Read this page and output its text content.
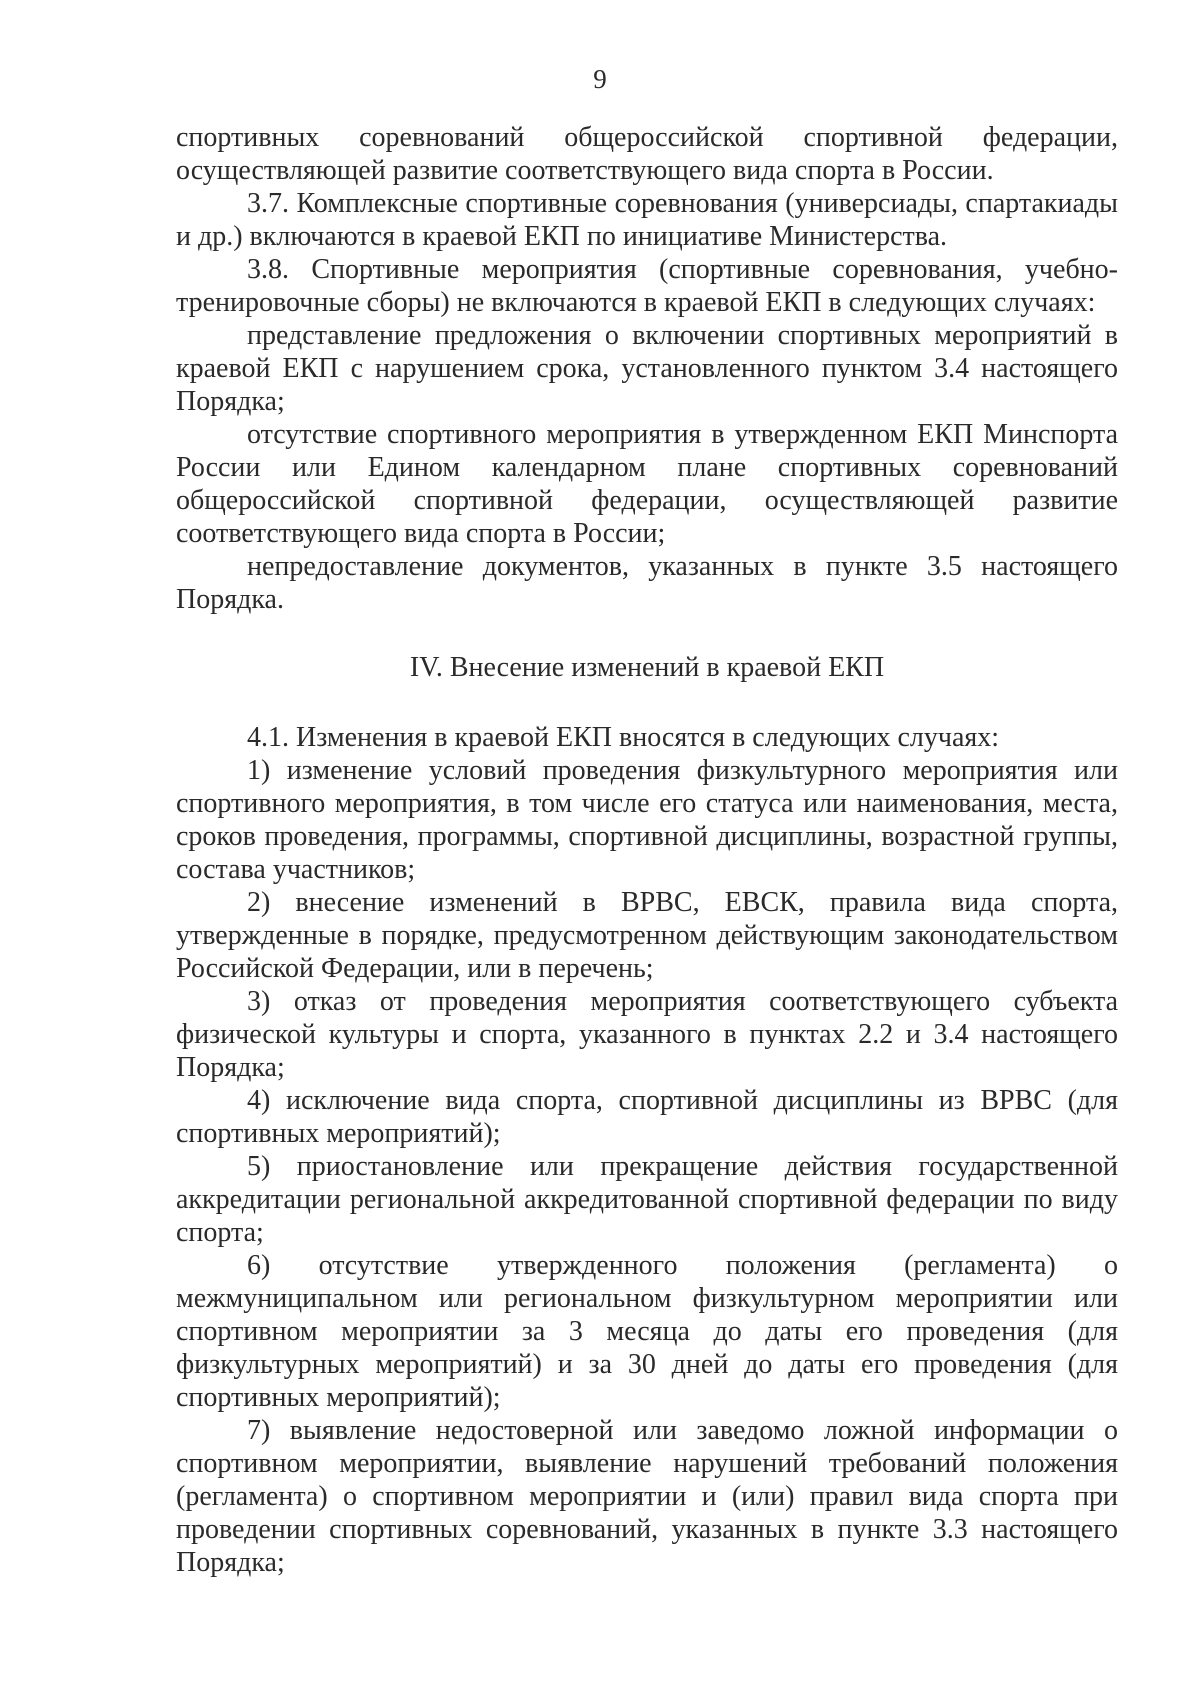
9

спортивных соревнований общероссийской спортивной федерации, осуществляющей развитие соответствующего вида спорта в России.

3.7. Комплексные спортивные соревнования (универсиады, спартакиады и др.) включаются в краевой ЕКП по инициативе Министерства.

3.8. Спортивные мероприятия (спортивные соревнования, учебно-тренировочные сборы) не включаются в краевой ЕКП в следующих случаях:

представление предложения о включении спортивных мероприятий в краевой ЕКП с нарушением срока, установленного пунктом 3.4 настоящего Порядка;

отсутствие спортивного мероприятия в утвержденном ЕКП Минспорта России или Едином календарном плане спортивных соревнований общероссийской спортивной федерации, осуществляющей развитие соответствующего вида спорта в России;

непредоставление документов, указанных в пункте 3.5 настоящего Порядка.

IV. Внесение изменений в краевой ЕКП

4.1. Изменения в краевой ЕКП вносятся в следующих случаях:

1) изменение условий проведения физкультурного мероприятия или спортивного мероприятия, в том числе его статуса или наименования, места, сроков проведения, программы, спортивной дисциплины, возрастной группы, состава участников;

2) внесение изменений в ВРВС, ЕВСК, правила вида спорта, утвержденные в порядке, предусмотренном действующим законодательством Российской Федерации, или в перечень;

3) отказ от проведения мероприятия соответствующего субъекта физической культуры и спорта, указанного в пунктах 2.2 и 3.4 настоящего Порядка;

4) исключение вида спорта, спортивной дисциплины из ВРВС (для спортивных мероприятий);

5) приостановление или прекращение действия государственной аккредитации региональной аккредитованной спортивной федерации по виду спорта;

6) отсутствие утвержденного положения (регламента) о межмуниципальном или региональном физкультурном мероприятии или спортивном мероприятии за 3 месяца до даты его проведения (для физкультурных мероприятий) и за 30 дней до даты его проведения (для спортивных мероприятий);

7) выявление недостоверной или заведомо ложной информации о спортивном мероприятии, выявление нарушений требований положения (регламента) о спортивном мероприятии и (или) правил вида спорта при проведении спортивных соревнований, указанных в пункте 3.3 настоящего Порядка;
